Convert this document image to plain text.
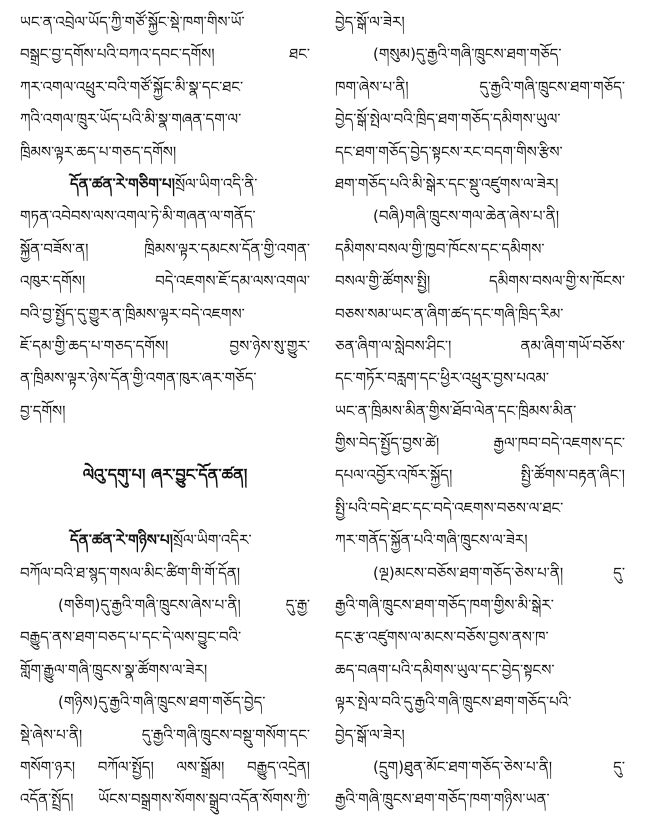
ཡང་ན་འབྲེལ་ཡོད་ཀྱི་གཙོ་སྐྱོང་སྡེ་ཁག་གིས་ཡོ་
བསྒྲང་བྱ་དགོས་པའི་བཀའ་དབང་དགོས། ཐང་
ཀར་འགལ་འཕྲུར་བའི་གཙོ་སྐྱོང་མི་སྣ་དང་ཐང་
ཀའི་འགལ་ཁྲུར་ཡོད་པའི་མི་སྣ་གཞན་དག་ལ་
ཁྲིམས་ལྟར་ཆད་པ་གཅད་དགོས།
དོན་ཚན་རེ་གཅིག་པ།སྲོལ་ཡིག་འདི་ནི་
གཏན་འབེབས་ལས་འགལ་ཏེ་མི་གཞན་ལ་གནོད་
སྐྱོན་བཟོས་ན། ཁྲིམས་ལྟར་དམངས་དོན་གྱི་འགན་
འཁུར་དགོས། བདེ་འཇགས་ཇོ་དམ་ལས་འགལ་
བའི་བྱ་སྤྱོད་དུ་གྱུར་ན་ཁྲིམས་ལྟར་བདེ་འཇགས་
ཇོ་དམ་གྱི་ཆད་པ་གཅད་དགོས། བྱས་ཉེས་སུ་གྱུར་
ན་ཁྲིམས་ལྟར་ཉེས་དོན་གྱི་འགན་ཁུར་ཞར་གཅོད་
བྱ་དགོས།
ལེའུ་དགུ་པ། ཞར་བྱུང་དོན་ཚན།
དོན་ཚན་རེ་གཉིས་པ།སྲོལ་ཡིག་འདིར་
བཀོལ་བའི་ཐ་སྙད་གསལ་མིང་ཚིག་གི་གོ་དོན།
(གཅིག)དུ་རྒྱའི་གཞི་ཁྲུངས་ཞེས་པ་ནི། དུ་རྒྱ་
བརྒྱུད་ནས་ཐག་བཅད་པ་དང་དེ་ལས་བྱུང་བའི་
གློག་རྒྱུལ་གཞི་ཁྲུངས་སྣ་ཚོགས་ལ་ཟེར།
(གཉིས)དུ་རྒྱའི་གཞི་ཁྲུངས་ཐག་གཅོད་བྱེད་
སྡེ་ཞེས་པ་ནི། དུ་རྒྱའི་གཞི་ཁྲུངས་བསྡུ་གསོག་དང་
གསོག་ཉར། བཀོལ་སྤྱོད། ལས་སྒྲོམ། བརྒྱུད་འདྲེན།
འདོན་སྤྲོད། ཡོངས་བསྒྲགས་སོགས་སྒྲུབ་འདོན་སོགས་ཀྱི་
བྱེད་སྒོ་ལ་ཟེར།
(གསུམ)དུ་རྒྱའི་གཞི་ཁྲུངས་ཐག་གཅོད་
ཁག་ཞེས་པ་ནི། དུ་རྒྱའི་གཞི་ཁྲུངས་ཐག་གཅོད་
བྱེད་སྒོ་སྤེལ་བའི་ཁྲིད་ཐག་གཅོད་དམིགས་ཡུལ་
དང་ཐག་གཅོད་བྱེད་སྟངས་རང་བདག་གིས་རྩིས་
ཐག་གཅོད་པའི་མི་སྒེར་དང་སྡུ་འཛུགས་ལ་ཟེར།
(བཞི)གཞི་ཁྲུངས་གལ་ཆེན་ཞེས་པ་ནི།
དམིགས་བསལ་གྱི་ཁྱབ་ཁོངས་དང་དམིགས་
བསལ་གྱི་ཚོགས་སྤྱི། དམིགས་བསལ་གྱི་ས་ཁོངས་
བཅས་སམ་ཡང་ན་ཞིག་ཚད་དང་གཞི་ཁྲིད་རིམ་
ཅན་ཞིག་ལ་སླེབས་ཤིང་། ནམ་ཞིག་གཡོ་བཅོས་
དང་གཏོར་བརླག་དང་ཕྱིར་འཕྲུར་བྱས་པའམ་
ཡང་ན་ཁྲིམས་མིན་གྱིས་ཐོབ་ལེན་དང་ཁྲིམས་མིན་
གྱིས་བེད་སྤྱོད་བྱས་ཚེ། རྒྱལ་ཁབ་བདེ་འཇགས་དང་
དཔལ་འབྱོར་འཁོར་སྐྱོད། སྤྱི་ཚོགས་བརྟན་ཞིང་།
སྤྱི་པའི་བདེ་ཐང་དང་བདེ་འཇགས་བཅས་ལ་ཐང་
ཀར་གནོད་སྐྱོན་པའི་གཞི་ཁྲུངས་ལ་ཟེར།
(ལྔ)མངས་བཅོས་ཐག་གཅོད་ཅེས་པ་ནི། དུ་
རྒྱའི་གཞི་ཁྲུངས་ཐག་གཅོད་ཁག་གྱིས་མི་སྒེར་
དང་རྩ་འཛུགས་ལ་མངས་བཅོས་བྱས་ནས་ཁ་
ཆད་བཞག་པའི་དམིགས་ཡུལ་དང་བྱེད་སྟངས་
ལྟར་སྤེལ་བའི་དུ་རྒྱའི་གཞི་ཁྲུངས་ཐག་གཅོད་པའི་
བྱེད་སྒོ་ལ་ཟེར།
(དྲུག)ཐུན་མོང་ཐག་གཅོད་ཅེས་པ་ནི། དུ་
རྒྱའི་གཞི་ཁྲུངས་ཐག་གཅོད་ཁག་གཉིས་ཡན་
